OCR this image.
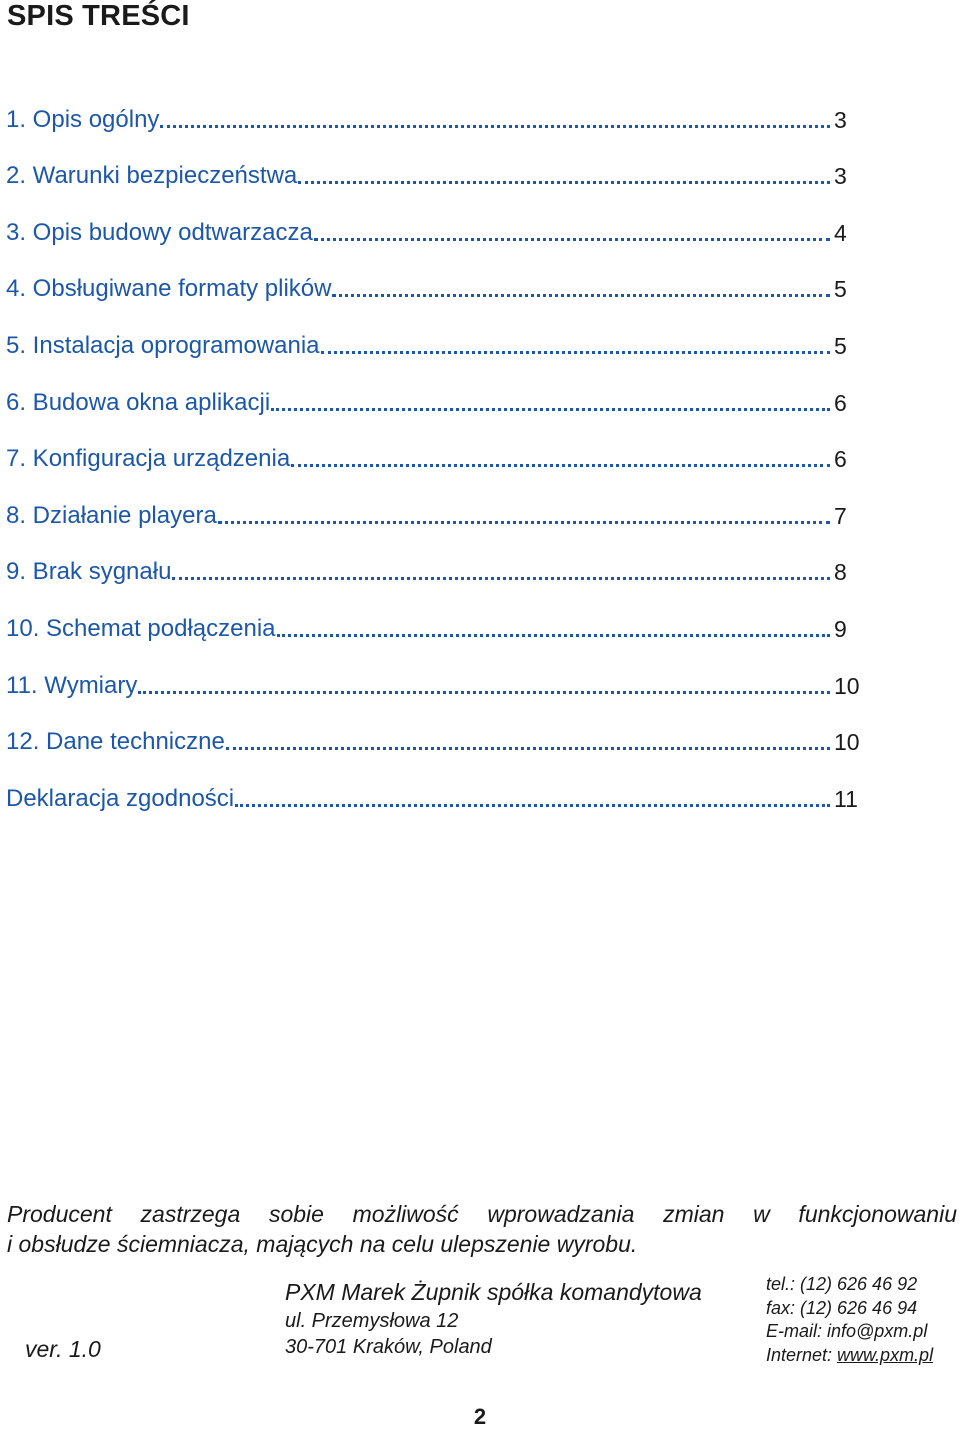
SPIS TREŚCI
1. Opis ogólny	3
2. Warunki bezpieczeństwa	3
3. Opis budowy odtwarzacza	4
4. Obsługiwane formaty plików	5
5. Instalacja oprogramowania	5
6. Budowa okna aplikacji	6
7. Konfiguracja urządzenia	6
8. Działanie playera	7
9. Brak sygnału	8
10. Schemat podłączenia	9
11. Wymiary	10
12. Dane techniczne	10
Deklaracja zgodności	11
Producent zastrzega sobie możliwość wprowadzania zmian w funkcjonowaniu
i obsłudze ściemniacza, mających na celu ulepszenie wyrobu.
ver. 1.0
PXM Marek Żupnik spółka komandytowa
ul. Przemysłowa 12
30-701 Kraków, Poland
tel.: (12) 626 46 92
fax: (12) 626 46 94
E-mail: info@pxm.pl
Internet: www.pxm.pl
2
